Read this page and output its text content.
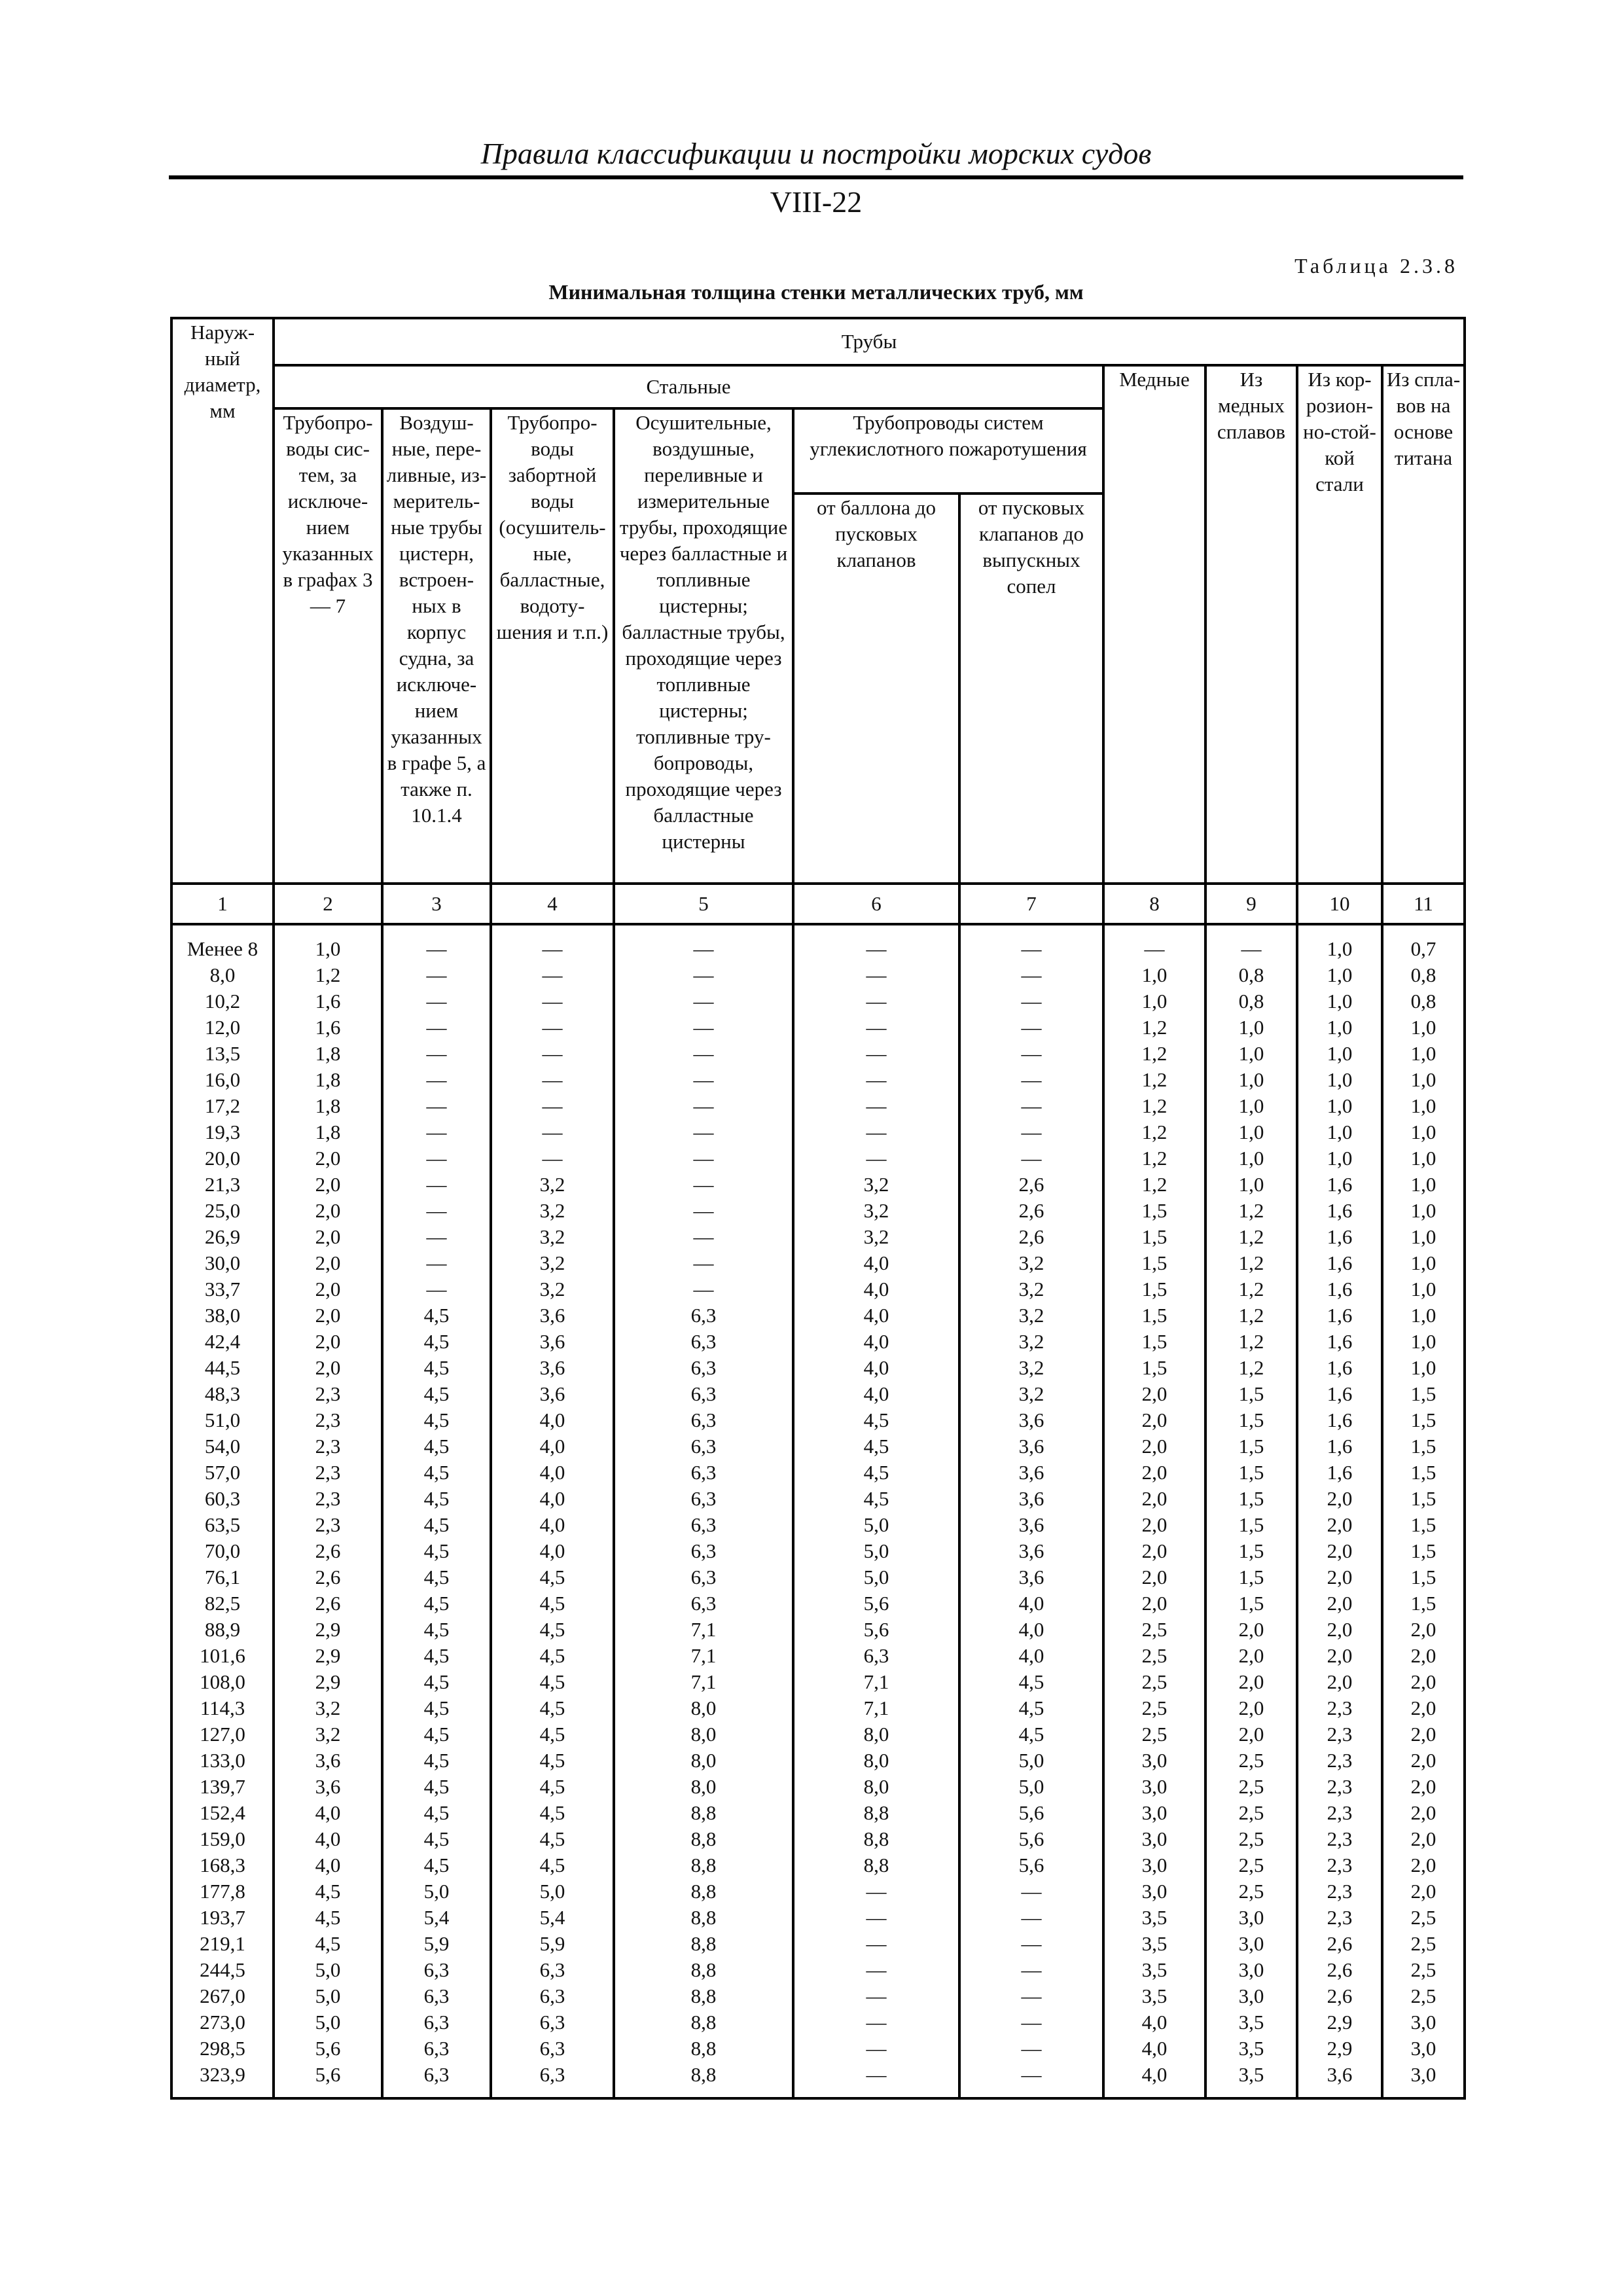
Правила классификации и постройки морских судов
VIII-22
Таблица 2.3.8
Минимальная толщина стенки металлических труб, мм
Наруж-ный диаметр, мм	Трубы									
	Стальные						Медные	Из медных сплавов	Из кор-розион-но-стой-кой стали	Из спла-вов на основе титана
	Трубопро-воды сис-тем, за исключе-нием указанных в графах 3 — 7	Воздуш-ные, пере-ливные, из-меритель-ные трубы цистерн, встроен-ных в корпус судна, за исключе-нием указанных в графе 5, а также п. 10.1.4	Трубопро-воды забортной воды (осушитель-ные, балластные, водоту-шения и т.п.)	Осушительные, воздушные, переливные и измерительные трубы, проходящие через балластные и топливные цистерны; балластные трубы, проходящие через топливные цистерны; топливные тру-бопроводы, проходящие через балластные цистерны	Трубопроводы систем углекислотного пожаротушения					
					от баллона до пусковых клапанов	от пусковых клапанов до выпускных сопел				
1	2	3	4	5	6	7	8	9	10	11
Менее 8	1,0	—	—	—	—	—	—	—	1,0	0,7
8,0	1,2	—	—	—	—	—	1,0	0,8	1,0	0,8
10,2	1,6	—	—	—	—	—	1,0	0,8	1,0	0,8
12,0	1,6	—	—	—	—	—	1,2	1,0	1,0	1,0
13,5	1,8	—	—	—	—	—	1,2	1,0	1,0	1,0
16,0	1,8	—	—	—	—	—	1,2	1,0	1,0	1,0
17,2	1,8	—	—	—	—	—	1,2	1,0	1,0	1,0
19,3	1,8	—	—	—	—	—	1,2	1,0	1,0	1,0
20,0	2,0	—	—	—	—	—	1,2	1,0	1,0	1,0
21,3	2,0	—	3,2	—	3,2	2,6	1,2	1,0	1,6	1,0
25,0	2,0	—	3,2	—	3,2	2,6	1,5	1,2	1,6	1,0
26,9	2,0	—	3,2	—	3,2	2,6	1,5	1,2	1,6	1,0
30,0	2,0	—	3,2	—	4,0	3,2	1,5	1,2	1,6	1,0
33,7	2,0	—	3,2	—	4,0	3,2	1,5	1,2	1,6	1,0
38,0	2,0	4,5	3,6	6,3	4,0	3,2	1,5	1,2	1,6	1,0
42,4	2,0	4,5	3,6	6,3	4,0	3,2	1,5	1,2	1,6	1,0
44,5	2,0	4,5	3,6	6,3	4,0	3,2	1,5	1,2	1,6	1,0
48,3	2,3	4,5	3,6	6,3	4,0	3,2	2,0	1,5	1,6	1,5
51,0	2,3	4,5	4,0	6,3	4,5	3,6	2,0	1,5	1,6	1,5
54,0	2,3	4,5	4,0	6,3	4,5	3,6	2,0	1,5	1,6	1,5
57,0	2,3	4,5	4,0	6,3	4,5	3,6	2,0	1,5	1,6	1,5
60,3	2,3	4,5	4,0	6,3	4,5	3,6	2,0	1,5	2,0	1,5
63,5	2,3	4,5	4,0	6,3	5,0	3,6	2,0	1,5	2,0	1,5
70,0	2,6	4,5	4,0	6,3	5,0	3,6	2,0	1,5	2,0	1,5
76,1	2,6	4,5	4,5	6,3	5,0	3,6	2,0	1,5	2,0	1,5
82,5	2,6	4,5	4,5	6,3	5,6	4,0	2,0	1,5	2,0	1,5
88,9	2,9	4,5	4,5	7,1	5,6	4,0	2,5	2,0	2,0	2,0
101,6	2,9	4,5	4,5	7,1	6,3	4,0	2,5	2,0	2,0	2,0
108,0	2,9	4,5	4,5	7,1	7,1	4,5	2,5	2,0	2,0	2,0
114,3	3,2	4,5	4,5	8,0	7,1	4,5	2,5	2,0	2,3	2,0
127,0	3,2	4,5	4,5	8,0	8,0	4,5	2,5	2,0	2,3	2,0
133,0	3,6	4,5	4,5	8,0	8,0	5,0	3,0	2,5	2,3	2,0
139,7	3,6	4,5	4,5	8,0	8,0	5,0	3,0	2,5	2,3	2,0
152,4	4,0	4,5	4,5	8,8	8,8	5,6	3,0	2,5	2,3	2,0
159,0	4,0	4,5	4,5	8,8	8,8	5,6	3,0	2,5	2,3	2,0
168,3	4,0	4,5	4,5	8,8	8,8	5,6	3,0	2,5	2,3	2,0
177,8	4,5	5,0	5,0	8,8	—	—	3,0	2,5	2,3	2,0
193,7	4,5	5,4	5,4	8,8	—	—	3,5	3,0	2,3	2,5
219,1	4,5	5,9	5,9	8,8	—	—	3,5	3,0	2,6	2,5
244,5	5,0	6,3	6,3	8,8	—	—	3,5	3,0	2,6	2,5
267,0	5,0	6,3	6,3	8,8	—	—	3,5	3,0	2,6	2,5
273,0	5,0	6,3	6,3	8,8	—	—	4,0	3,5	2,9	3,0
298,5	5,6	6,3	6,3	8,8	—	—	4,0	3,5	2,9	3,0
323,9	5,6	6,3	6,3	8,8	—	—	4,0	3,5	3,6	3,0
